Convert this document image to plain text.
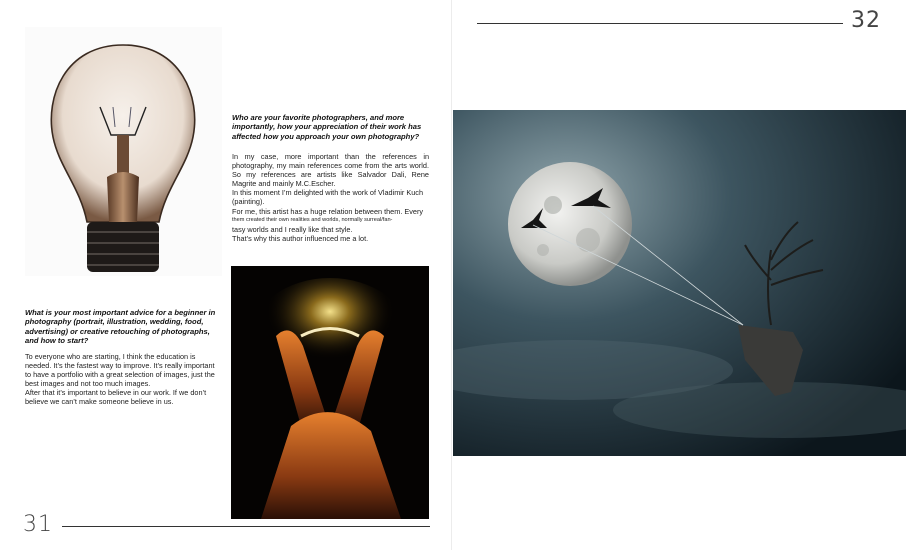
Who are your favorite photographers, and more importantly, how your appreciation of their work has affected how you approach your own photography?

In my case, more important than the references in photography, my main references come from the arts world. So my references are artists like Salvador Dali, Rene Magrite and mainly M.C.Escher.

In this moment I’m delighted with the work of Vladimir Kuch (painting).

For me, this artist has a huge relation between them. Every

them created their own realities and worlds, normally surreal/fan-

tasy worlds and I really like that style.

That’s why this author influenced me a lot.

What is your most important advice for a beginner in photography (portrait, illustration, wedding, food, advertising) or creative retouching of photographs, and how to start?

To everyone who are starting, I think the education is needed. It’s the fastest way to improve. It’s really important to have a portfolio with a great selection of images, just the best images and not too much images.

After that it’s important to believe in our work. If we don’t believe we can’t make someone believe in us.

31
32
